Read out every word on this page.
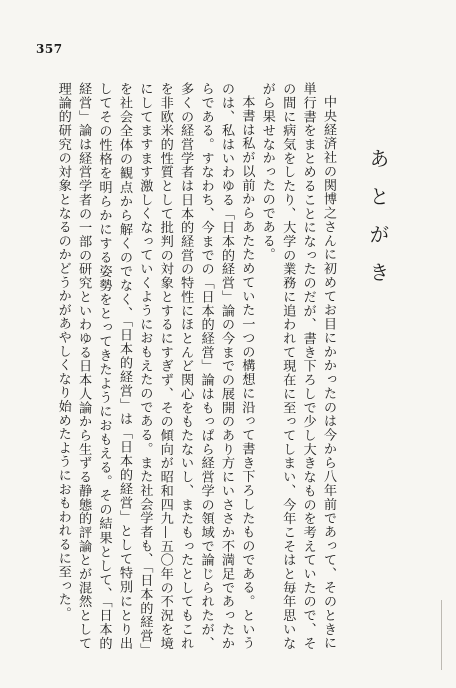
357
あとがき

中央経済社の関博之さんに初めてお目にかかったのは今から八年前であって、そのときに単行書をまとめることになったのだが、書き下ろしで少し大きなものを考えていたので、その間に病気をしたり、大学の業務に追われて現在に至ってしまい、今年こそはと毎年思いながら果せなかったのである。

本書は私が以前からあたためていた一つの構想に沿って書き下ろしたものである。というのは、私はいわゆる「日本的経営」論の今までの展開のあり方にいささか不満足であったからである。すなわち、今までの「日本的経営」論はもっぱら経営学の領域で論じられたが、多くの経営学者は日本的経営の特性にほとんど関心をもたないし、またもったとしてもこれを非欧米的性質として批判の対象とするにすぎず、その傾向が昭和四九—五〇年の不況を境にしてますます激しくなっていくようにおもえたのである。また社会学者も、「日本的経営」を社会全体の観点から解くのでなく、「日本的経営」は「日本的経営」として特別にとり出してその性格を明らかにする姿勢をとってきたようにおもえる。その結果として、「日本的経営」論は経営学者の一部の研究といわゆる日本人論から生ずる静態的評論とが混然として理論的研究の対象となるのかどうかがあやしくなり始めたようにおもわれるに至った。
